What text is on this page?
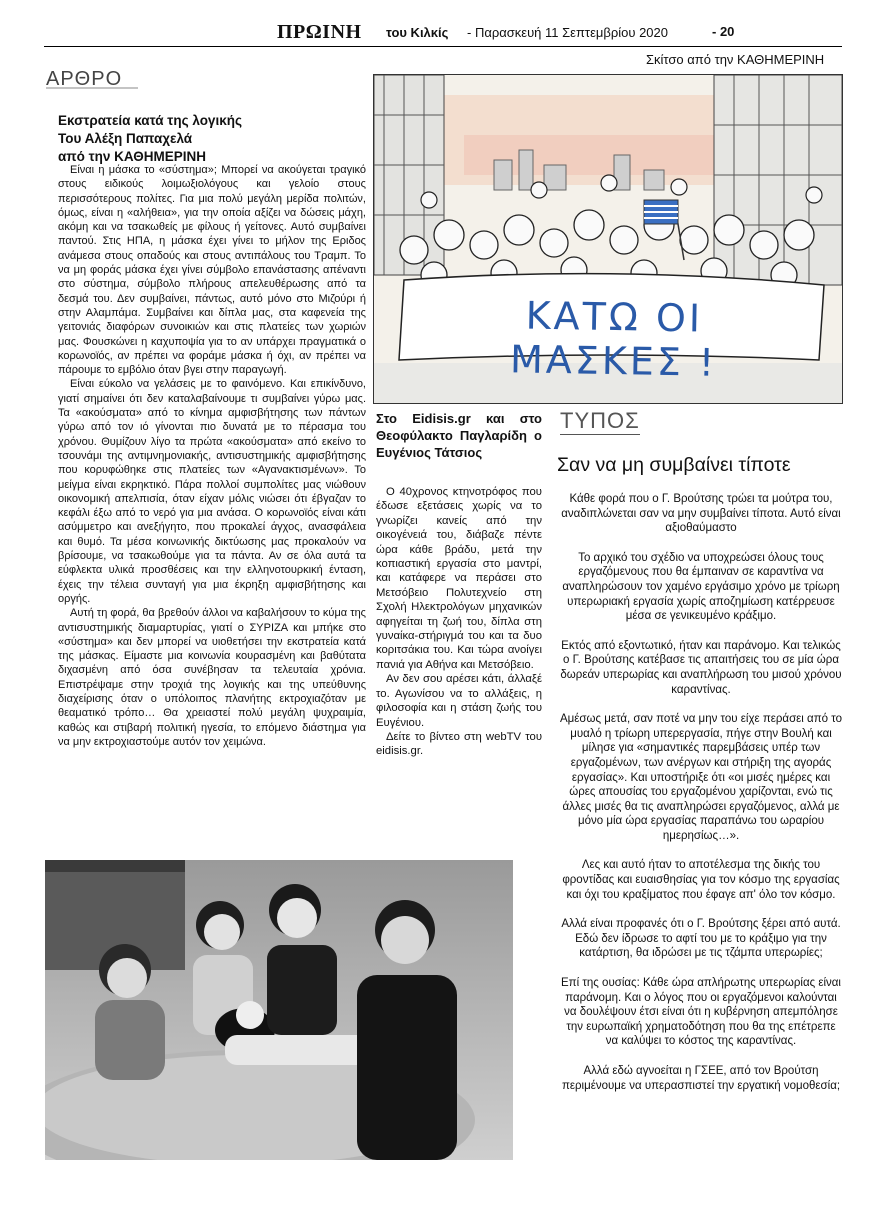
ΠΡΩΙΝΗ του Κιλκίς - Παρασκευή 11 Σεπτεμβρίου 2020	- 20
ΑΡΘΡΟ
Σκίτσο από την ΚΑΘΗΜΕΡΙΝΗ
Εκστρατεία κατά της λογικής
Του Αλέξη Παπαχελά
από την ΚΑΘΗΜΕΡΙΝΗ

Είναι η μάσκα το «σύστημα»; Μπορεί να ακούγεται τραγικό στους ειδικούς λοιμωξιολόγους και γελοίο στους περισσότερους πολίτες. Για μια πολύ μεγάλη μερίδα πολιτών, όμως, είναι η «αλήθεια», για την οποία αξίζει να δώσεις μάχη, ακόμη και να τσακωθείς με φίλους ή γείτονες. Αυτό συμβαίνει παντού. Στις ΗΠΑ, η μάσκα έχει γίνει το μήλον της Εριδος ανάμεσα στους οπαδούς και στους αντιπάλους του Τραμπ. Το να μη φοράς μάσκα έχει γίνει σύμβολο επανάστασης απέναντι στο σύστημα, σύμβολο πλήρους απελευθέρωσης από τα δεσμά του. Δεν συμβαίνει, πάντως, αυτό μόνο στο Μιζούρι ή στην Αλαμπάμα. Συμβαίνει και δίπλα μας, στα καφενεία της γειτονιάς διαφόρων συνοικιών και στις πλατείες των χωριών μας. Φουσκώνει η καχυποψία για το αν υπάρχει πραγματικά ο κορωνοϊός, αν πρέπει να φοράμε μάσκα ή όχι, αν πρέπει να πάρουμε το εμβόλιο όταν βγει στην παραγωγή.

Είναι εύκολο να γελάσεις με το φαινόμενο. Και επικίνδυνο, γιατί σημαίνει ότι δεν καταλαβαίνουμε τι συμβαίνει γύρω μας. Τα «ακούσματα» από το κίνημα αμφισβήτησης των πάντων γύρω από τον ιό γίνονται πιο δυνατά με το πέρασμα του χρόνου. Θυμίζουν λίγο τα πρώτα «ακούσματα» από εκείνο το τσουνάμι της αντιμνημονιακής, αντισυστημικής αμφισβήτησης που κορυφώθηκε στις πλατείες των «Αγανακτισμένων». Το μείγμα είναι εκρηκτικό. Πάρα πολλοί συμπολίτες μας νιώθουν οικονομική απελπισία, όταν είχαν μόλις νιώσει ότι έβγαζαν το κεφάλι έξω από το νερό για μια ανάσα. Ο κορωνοϊός είναι κάτι ασύμμετρο και ανεξήγητο, που προκαλεί άγχος, ανασφάλεια και θυμό. Τα μέσα κοινωνικής δικτύωσης μας προκαλούν να βρίσουμε, να τσακωθούμε για τα πάντα. Αν σε όλα αυτά τα εύφλεκτα υλικά προσθέσεις και την ελληνοτουρκική ένταση, έχεις την τέλεια συνταγή για μια έκρηξη αμφισβήτησης και οργής.

Αυτή τη φορά, θα βρεθούν άλλοι να καβαλήσουν το κύμα της αντισυστημικής διαμαρτυρίας, γιατί ο ΣΥΡΙΖΑ και μπήκε στο «σύστημα» και δεν μπορεί να υιοθετήσει την εκστρατεία κατά της μάσκας. Είμαστε μια κοινωνία κουρασμένη και βαθύτατα διχασμένη από όσα συνέβησαν τα τελευταία χρόνια. Επιστρέψαμε στην τροχιά της λογικής και της υπεύθυνης διαχείρισης όταν ο υπόλοιπος πλανήτης εκτροχιαζόταν με θεαματικό τρόπο… Θα χρειαστεί πολύ μεγάλη ψυχραιμία, καθώς και στιβαρή πολιτική ηγεσία, το επόμενο διάστημα για να μην εκτροχιαστούμε αυτόν τον χειμώνα.

ΚΑΤΩ ΟΙ ΜΑΣΚΕΣ !
Στο Eidisis.gr και στο Θεοφύλακτο Παγλαρίδη ο Ευγένιος Τάτσιος

Ο 40χρονος κτηνοτρόφος που έδωσε εξετάσεις χωρίς να το γνωρίζει κανείς από την οικογένειά του, διάβαζε πέντε ώρα κάθε βράδυ, μετά την κοπιαστική εργασία στο μαντρί, και κατάφερε να περάσει στο Μετσόβειο Πολυτεχνείο στη Σχολή Ηλεκτρολόγων μηχανικών αφηγείται τη ζωή του, δίπλα στη γυναίκα-στήριγμά του και τα δυο κοριτσάκια του. Και τώρα ανοίγει πανιά για Αθήνα και Μετσόβειο.

Αν δεν σου αρέσει κάτι, άλλαξέ το. Αγωνίσου να το αλλάξεις, η φιλοσοφία και η στάση ζωής του Ευγένιου.

Δείτε το βίντεο στη webTV του eidisis.gr.

ΤΥΠΟΣ
Σαν να μη συμβαίνει τίποτε

Κάθε φορά που ο Γ. Βρούτσης τρώει τα μούτρα του, αναδιπλώνεται σαν να μην συμβαίνει τίποτα. Αυτό είναι αξιοθαύμαστο

Το αρχικό του σχέδιο να υποχρεώσει όλους τους εργαζόμενους που θα έμπαιναν σε καραντίνα να αναπληρώσουν τον χαμένο εργάσιμο χρόνο με τρίωρη υπερωριακή εργασία χωρίς αποζημίωση κατέρρευσε μέσα σε γενικευμένο κράξιμο.

Εκτός από εξοντωτικό, ήταν και παράνομο. Και τελικώς ο Γ. Βρούτσης κατέβασε τις απαιτήσεις του σε μία ώρα δωρεάν υπερωρίας και αναπλήρωση του μισού χρόνου καραντίνας.

Αμέσως μετά, σαν ποτέ να μην του είχε περάσει από το μυαλό η τρίωρη υπερεργασία, πήγε στην Βουλή και μίλησε για «σημαντικές παρεμβάσεις υπέρ των εργαζομένων, των ανέργων και στήριξη της αγοράς εργασίας». Και υποστήριξε ότι «οι μισές ημέρες και ώρες απουσίας του εργαζομένου χαρίζονται, ενώ τις άλλες μισές θα τις αναπληρώσει εργαζόμενος, αλλά με μόνο μία ώρα εργασίας παραπάνω του ωραρίου ημερησίως…».

Λες και αυτό ήταν το αποτέλεσμα της δικής του φροντίδας και ευαισθησίας για τον κόσμο της εργασίας και όχι του κραξίματος που έφαγε απ' όλο τον κόσμο.

Αλλά είναι προφανές ότι ο Γ. Βρούτσης ξέρει από αυτά. Εδώ δεν ίδρωσε το αφτί του με το κράξιμο για την κατάρτιση, θα ιδρώσει με τις τζάμπα υπερωρίες;

Επί της ουσίας: Κάθε ώρα απλήρωτης υπερωρίας είναι παράνομη. Και ο λόγος που οι εργαζόμενοι καλούνται να δουλέψουν έτσι είναι ότι η κυβέρνηση απεμπόλησε την ευρωπαϊκή χρηματοδότηση που θα της επέτρεπε να καλύψει το κόστος της καραντίνας.

Αλλά εδώ αγνοείται η ΓΣΕΕ, από τον Βρούτση περιμένουμε να υπερασπιστεί την εργατική νομοθεσία;
